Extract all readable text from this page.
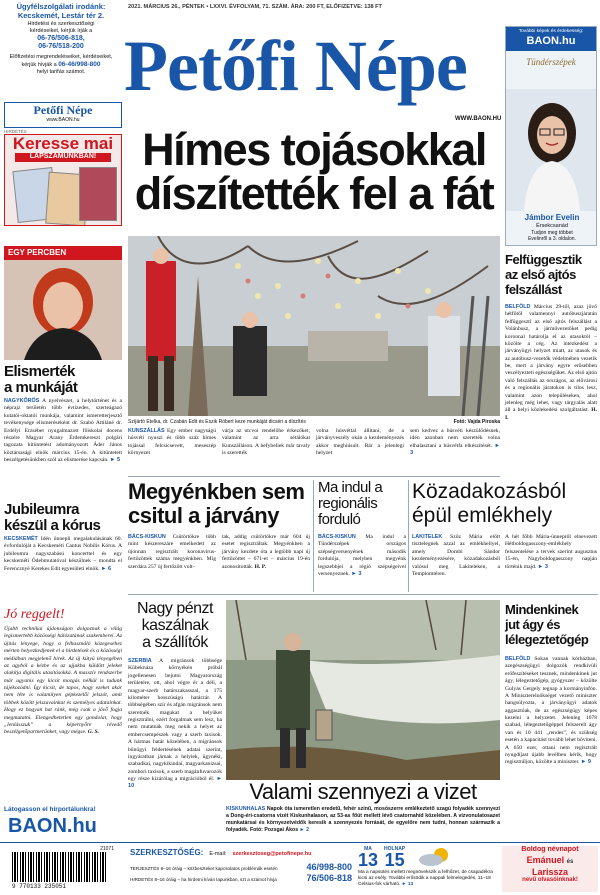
Ügyfélszolgálati irodánk:
Kecskemét, Lestár tér 2.
Hirdetési és szerkesztőségi
kérdéseiket, kérjük írják a
06-76/506-818,
06-76/518-200
Előfizetési megrendeléseiket, kérdéseiket,
kérjük hívják a 06-46/998-800
helyi tarifás számot.
Petőfi Népe
www.BAON.hu
HIRDETÉS
Keresse mai
LAPSZÁMUNKBAN!
2021. MÁRCIUS 26., PÉNTEK • LXXVI. ÉVFOLYAM, 71. SZÁM. ÁRA: 200 FT, ELŐFIZETVE: 138 FT
Petőfi Népe
WWW.BAON.HU
További képek és érdekesség:
BAON.hu
Tündérszépek
Jámbor Evelin
Érsekcsanád
Tudjon meg többet
Evelinről a 3. oldalon.
Hímes tojásokkal
díszítették fel a fát
Szíjártó Etelka, dr. Czabán Edit és Eszik Róbert keze munkáját dicséri a díszítés	Fotó: Vajda Piroska
KUNSZÁLLÁS Egy ember nagyságú húsvéti nyuszi és több száz hímes tojással felcsicsevett, meseszép környezet
várja az utcvoi rendelőhe érkezőket, valamint az arra sétálókat Kunszálláson. A hefybeliek már tavaly is szerették
volna húsvéttal állítani, de a járványveszély okán a kezdeményezés akkor meghiúsult. Bár a jelenlegi helyzet
sem kedvez a húsvéti készülődésnek, idén azonban nem szerették volna elhalasztani a húsvétfa elkészítését. ► 3
EGY PERCBEN
Elismerték
a munkáját
NAGYKŐRÖS A nyelvészet, a helytörténet és a néprajz területén több évtizedes, szerteágazó kutatói-oktatói munkája, valamint ismeretterjesztő tevékenysége elismeréseként dr. Szabó Attiláné dr. Erdélyi Erzsébet nyugalmazott főiskolai docens részére Magyar Arany Érdemkereszt polgári tagozata kitüntetést adományozott Áder János köztársasági elnök március 15-én. A kitüntetett beszélgetésünkben szól az elismerése kapcsán. ► 5
Jubileumra
készül a kórus
KECSKEMÉT Idén ünnepli megalakulásának 60. évfordulóját a Kecskeméti Cantus Nobilis Kórus. A jubileumra nagyszabású koncerttel és egy kecskeméti Ödebmutatóval készülnek – mondta el Ferencznyé Kerekes Edit egyesületi elnök. ► 6
Jó reggelt!
Újabb technikai újdonságon dolgoznak a világ legismertebb közösségi hálózatának szakemberei. Az újítás lényege, hogy a felhasználó közegeséhez mérten helyezkedjenek el a hirdetések és a közösségi médiában megjelenő hírek. Az új kütyü lényegében az agyból a kézbe és az ujjakba küldött jeleket alakítja digitális utasításokká. A masszív rendszerbe már ugyanis egy kicsit mozgás nélkül is tudunk tájékozódni. Így kicsit, de tapos, hogy ezeket akár nem léte is valamilyen gépkezelői jelszót, amit többek között jelszavainkat és személyes adatainkat. Hogy ez hogyan hat ránk, még csak a jövő fogja megmutatni. Elengedhetetlen egy gondolat, hogy „lenlásszuk” a képernyőre révedő beszélgetőpartnerünket, vagy mégse. G. S.
Látogasson el hírportálunkra!
BAON.hu
Felfüggesztik
az első ajtós
felszállást
BELFÖLD Március 29-től, azaz jövő hétfőtől valamennyi autóbuszjáratán felfüggeszti az első ajtós felszállást a Volánbusz, a járművezetőket pedig koronnal határolja el az utasoktól – közölte a cég. Az intézkedést a járványügyi helyzet miatt, az utasok és az autóbusz-vezetők védelmében vezetik be, mert a járvány egyre erősebben veszélyezteti egészségüket. Az első ajtón való felszállás az országos, az elővárosi és a regionális járatokon is tilos lesz, valamint azon településeken, ahol jelenleg még lehet, vagy tárgyalás alatt áll a helyi közlekedési szolgáltatást. H. I.
Mindenkinek
jut ágy és
lélegeztetőgép
BELFÖLD Sokan vannak kórházban, azegészségügyi dolgozók rendkívüli erőfeszítéseket tesznek, mindenkinek jut ágy, lélegeztetőgép, gyógyszer – közölte Gulyás Gergely tegnap a kormányinfón. A Miniszterelnökséget vezető miniszter hangsúlyozta, a járványügyi adatok aggasztóak, de az egészségügy képes kezelni a helyzetet. Jelenleg 1678 szabad, lélegeztetőgéppel felszerelt ágy van és 10 441 „rendes”, és szükség esetén a kapacitást tovább lehet bővíteni. A 650 ezer, ottani nem regisztrált nyugdíjast újabb levélben kérik, hogy regisztráljon, közölte a miniszter. ► 9
Megyénkben sem
csitul a járvány
BÁCS-KISKUN Csütörtökre több mint készereszáre emelkedett az újonnan regisztrált koronavírus-fertőzöttek száma megyénkben. Míg szerdára 257 új fertőzött volt-
tak, addig csütörtökre már 604 új esetet regisztráltak. Megyénkben a járvány kezdete óta a legtöbb napi új fertőzöttet – 671-et – március 19-én azonosították. H. P.
Ma indul a
regionális
forduló
BÁCS-KISKUN Ma indul a Tündérszépek országos szépségversenyének második fordulója, melyben megyénk legszebbjei a régió szépségeivel versenyeznek. ► 3
Közadakozásból
épül emlékhely
LAKITELEK Szőz Mária előtt tisztelegnek azzal az emlékhellyel, amely Dombi Sándor kezdeményezésére, közadakozásból valósul meg Lakiteleken, a Templomtéren.
A hét főbb Mária-ünnepről elnevezett Hétboldogasszony-emlékhely felszentelése a tervek szerint augusztus 15-én, Nagyboldogasszony napján történik majd. ► 3
Nagy pénzt
kaszálnak
a szállítók
SZERBIA A migránsok többsége Kübeknáza környékén próbál jogellenesen bejutni Magyarország területére, ott, ahol végre ér a déli, a magyar-szerb határszakasszal, a 175 kilométer hosszúságú határzár. A többségében szír és afgán migránsok nem szeretnék magukat a helyüket regisztrálni, ezért forgalmak sem lesz, ha nem mutatnák meg nekik a helyet az embercsempészek vagy a szerb taxisok. A hármas határ közelében, a migránsok bűnügyi feldertésének adatai szerint, ingyáratban járnak a helyiek, ügynéki, szabadkai, nagykikindai, magyarkanizsai, zombori taxisok, a szerb magánfuvarozók egy része kizárólag a migrációból él. ► 10	Valami szennyezi a vizet
KISKUNHALAS Napok óta ismeretlen eredetű, fehér színű, mosószerre emlékeztető szagú folyadék szennyezi a Dong-éri-csatorna vizét Kiskunhalason, az 53-as főút mellett lévő csatornahíd közelében. A vízvonulatosazet munkatársai és környezetvédők keresik a szennyezés forrását, de egyelőre nem tudni, honnan származik a folyadék. Fotó: Pozsgai Ákos ► 2
21071
9 770133 235051
SZERKESZTŐSÉG: E-mail: szerkesztoseg@petofinepe.hu
TERJESZTÉS 8–16 óráig – közbeszteket kapcsolatos problémák esetén	46/998-800
HIRDETÉS 8–16 óráig – ha hirdetni kíván lapunkban, szt a számot hívja	76/506-818
MA
13
HOLNAP
15
Ma a napsütés mellett megnövekszik a felhőzet, de csapadékra kicsi az esély. További erősödik a nappali felmelegedés, 11–18 Celsius-fok várható. ► 13
Boldog névnapot
Emánuel és
Larissza
nevű olvasóinknak!
